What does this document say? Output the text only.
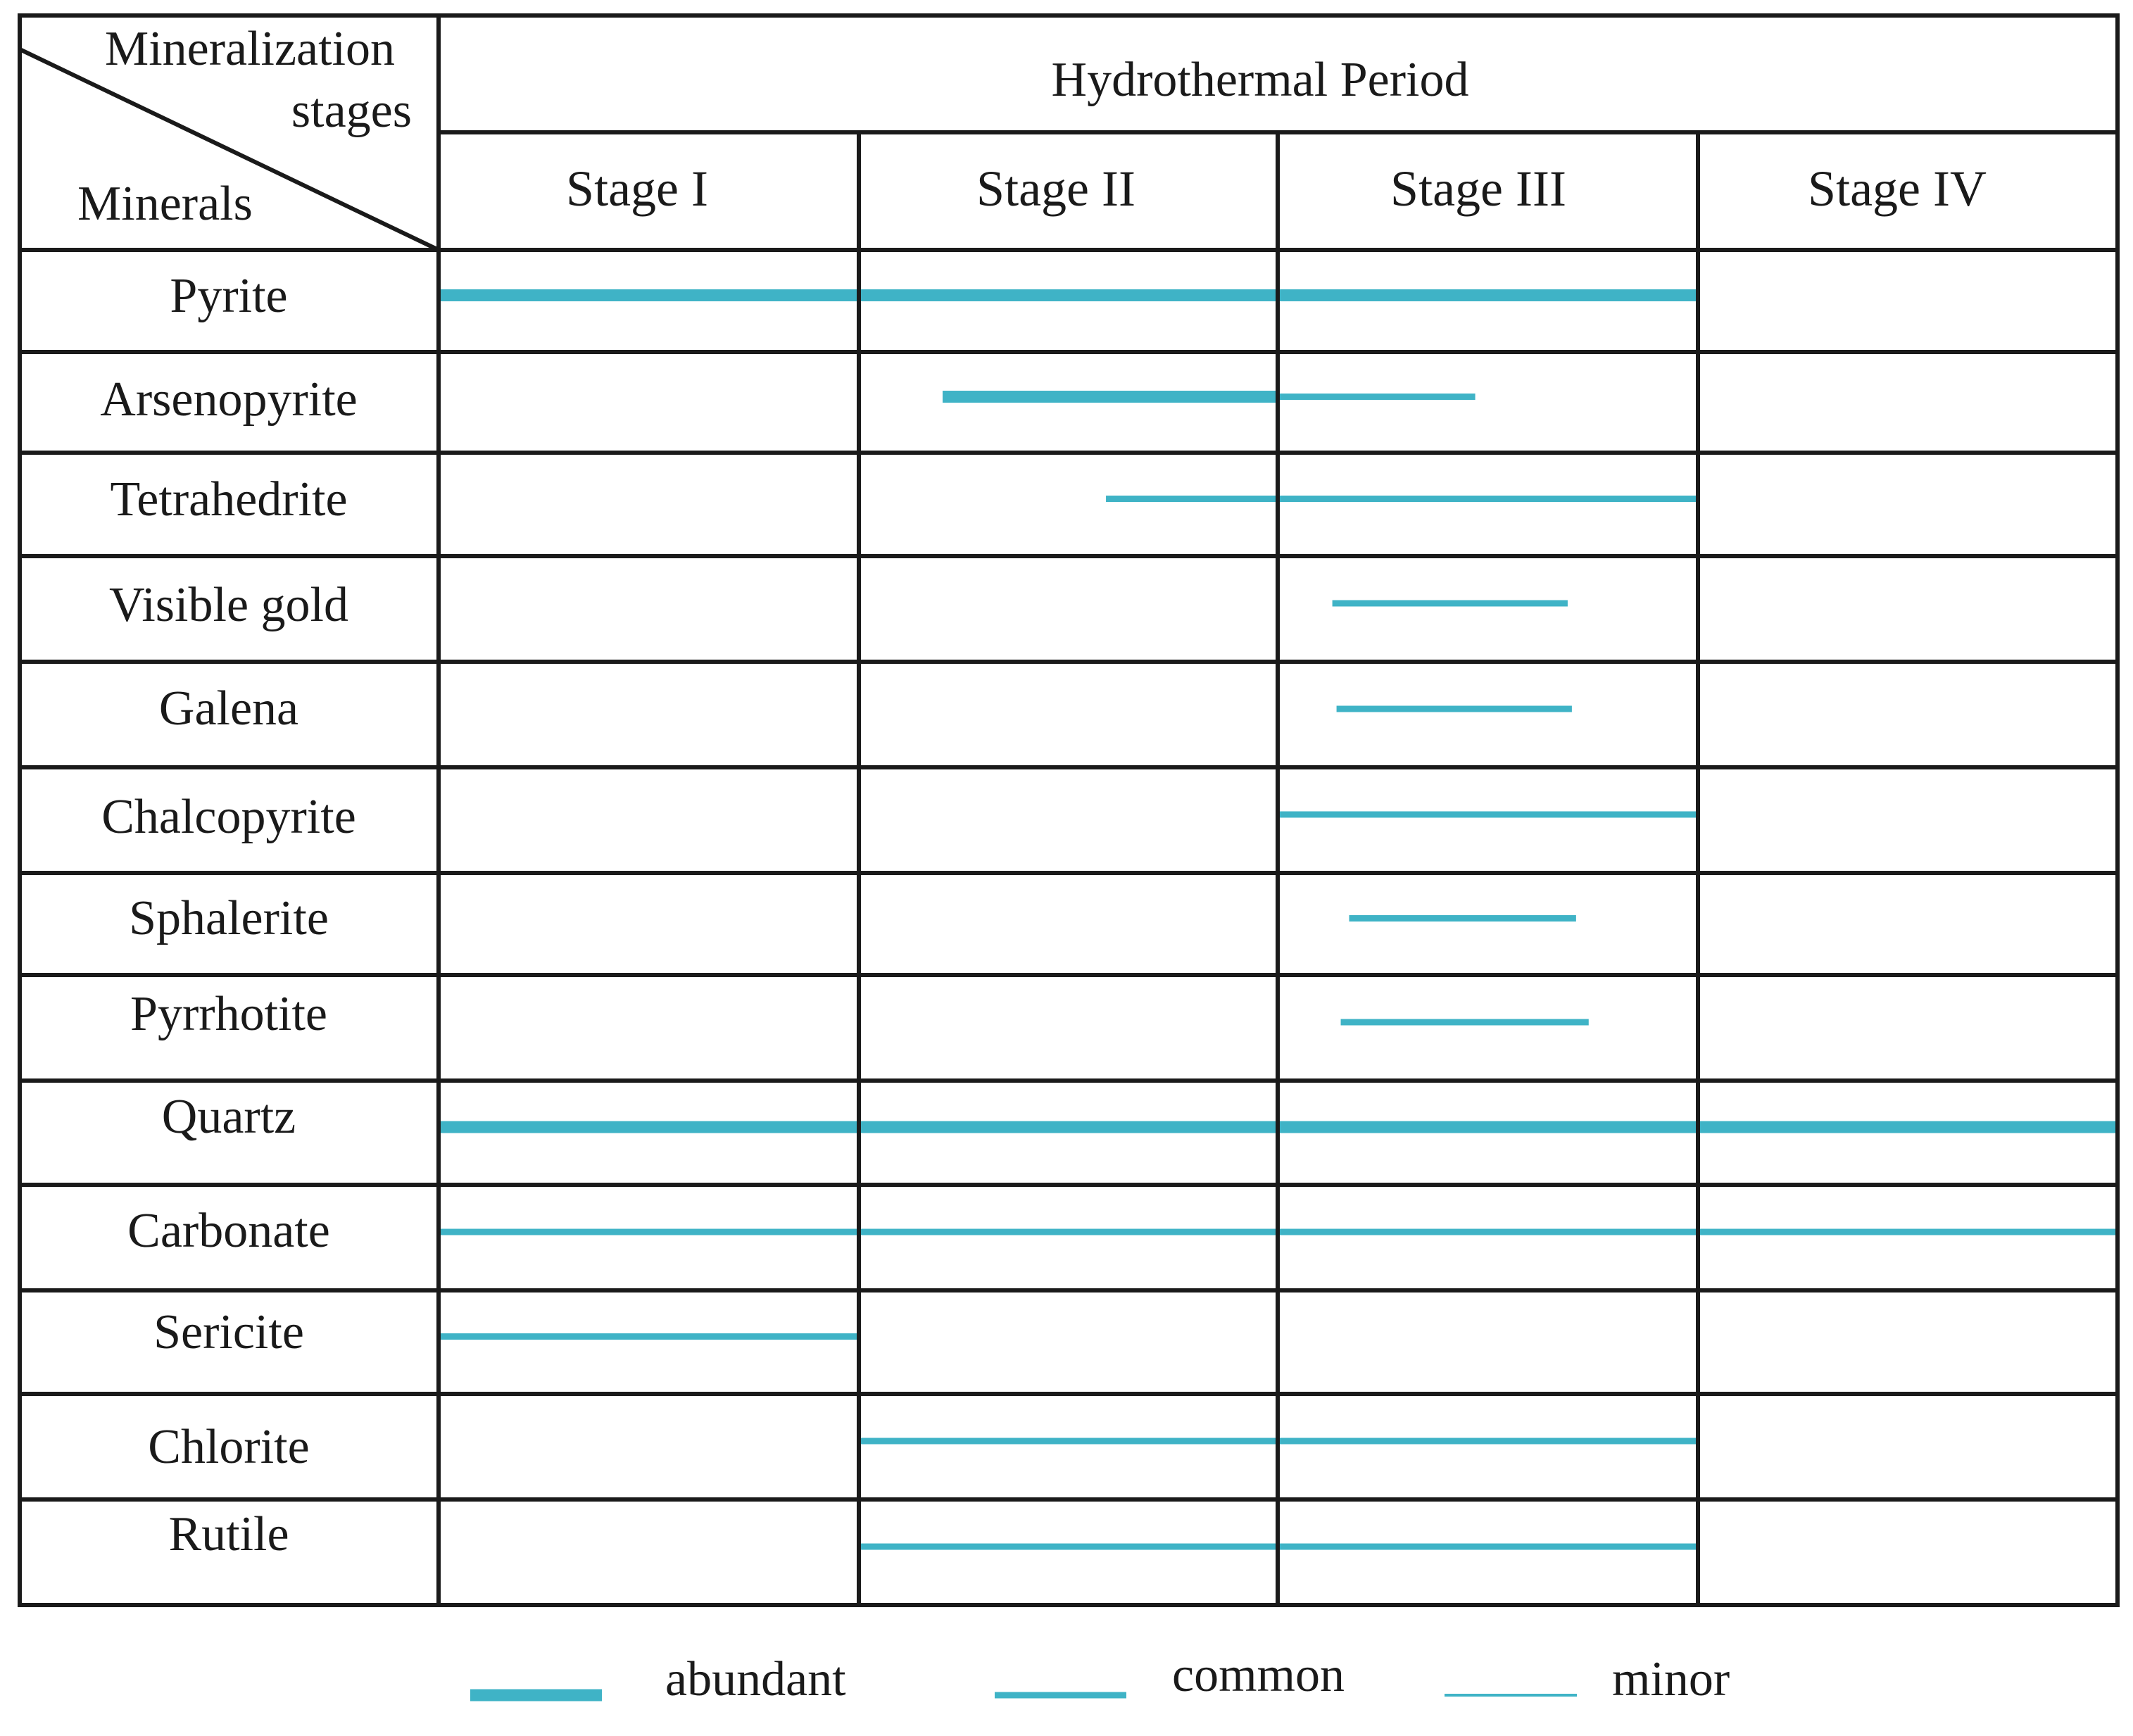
Mineralization
stages
Minerals
Hydrothermal Period
Stage I	Stage II	Stage III	Stage IV
Pyrite
Arsenopyrite
Tetrahedrite
Visible gold
Galena
Chalcopyrite
Sphalerite
Pyrrhotite
Quartz
Carbonate
Sericite
Chlorite
Rutile
abundant	common	minor
